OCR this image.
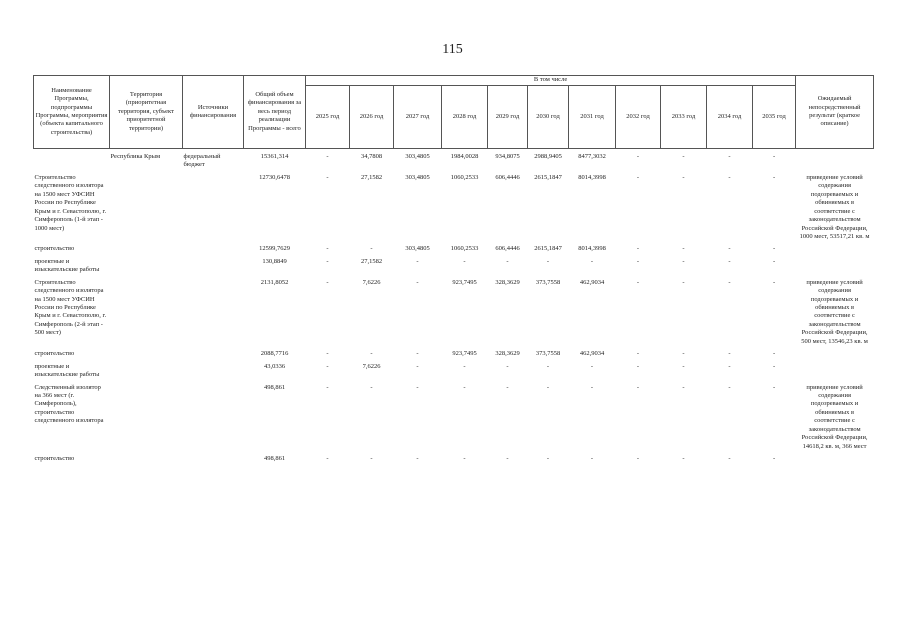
115
Наименование Программы, подпрограммы Программы, мероприятия (объекта капитального строительства)	Территория (приоритетная территория, субъект приоритетной территории)	Источники финансирования	Общий объем финансирования за весь период реализации Программы - всего	В том числе											Ожидаемый непосредственный результат (краткое описание)
				2025 год	2026 год	2027 год	2028 год	2029 год	2030 год	2031 год	2032 год	2033 год	2034 год	2035 год	

	Республика Крым	федеральный бюджет	15361,314	-	34,7808	303,4805	1984,0028	934,8075	2988,9405	8477,3032	-	-	-	-	

Строительство следственного изолятора на 1500 мест УФСИН России по Республике Крым и г. Севастополю, г. Симферополь (1-й этап - 1000 мест)			12730,6478	-	27,1582	303,4805	1060,2533	606,4446	2615,1847	8014,3998	-	-	-	-	приведение условий содержания подозреваемых и обвиняемых в соответствие с законодательством Российской Федерации, 1000 мест, 53517,21 кв. м

строительство			12599,7629	-	-	303,4805	1060,2533	606,4446	2615,1847	8014,3998	-	-	-	-	

проектные и изыскательские работы			130,8849	-	27,1582	-	-	-	-	-	-	-	-	-	

Строительство следственного изолятора на 1500 мест УФСИН России по Республике Крым и г. Севастополю, г. Симферополь (2-й этап - 500 мест)			2131,8052	-	7,6226	-	923,7495	328,3629	373,7558	462,9034	-	-	-	-	приведение условий содержания подозреваемых и обвиняемых в соответствие с законодательством Российской Федерации, 500 мест, 13546,23 кв. м

строительство			2088,7716	-	-	-	923,7495	328,3629	373,7558	462,9034	-	-	-	-	

проектные и изыскательские работы			43,0336	-	7,6226	-	-	-	-	-	-	-	-	-	

Следственный изолятор на 366 мест (г. Симферополь), строительство следственного изолятора			498,861	-	-	-	-	-	-	-	-	-	-	-	приведение условий содержания подозреваемых и обвиняемых в соответствие с законодательством Российской Федерации, 14618,2 кв. м, 366 мест

строительство			498,861	-	-	-	-	-	-	-	-	-	-	-	
